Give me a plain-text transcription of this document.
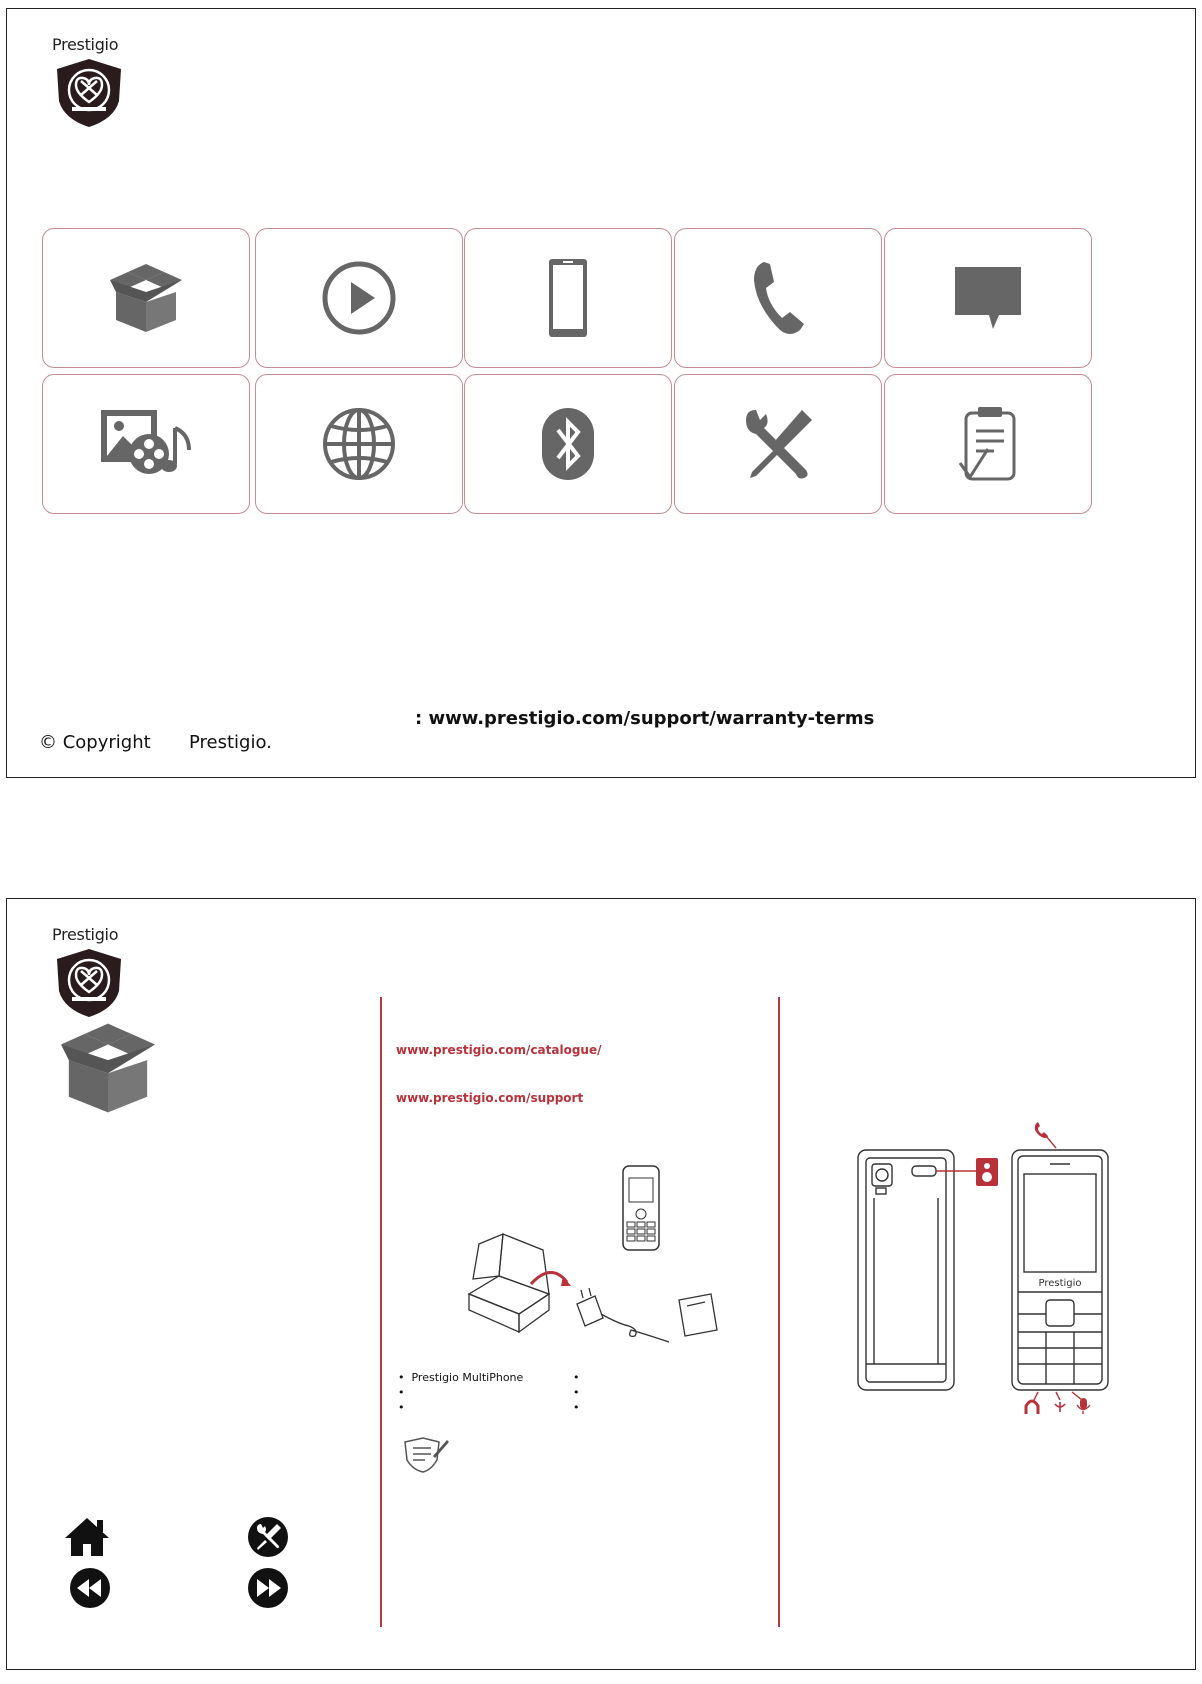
Prestigio
: www.prestigio.com/support/warranty-terms
© Copyright Prestigio.
Prestigio
www.prestigio.com/catalogue/
www.prestigio.com/support
•  Prestigio MultiPhone
•
•
•
•
•
Prestigio
